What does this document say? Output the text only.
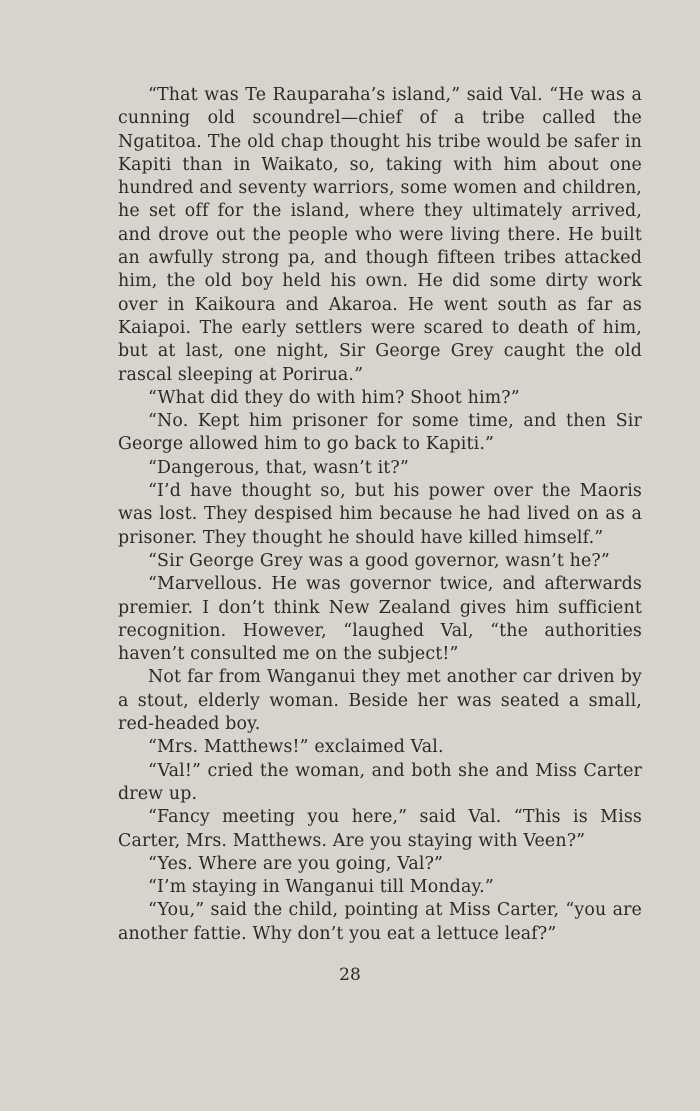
“That was Te Rauparaha’s island,” said Val. “He was a cunning old scoundrel—chief of a tribe called the Ngatitoa. The old chap thought his tribe would be safer in Kapiti than in Waikato, so, taking with him about one hundred and seventy warriors, some women and children, he set off for the island, where they ultimately arrived, and drove out the people who were living there. He built an awfully strong pa, and though fifteen tribes attacked him, the old boy held his own. He did some dirty work over in Kaikoura and Akaroa. He went south as far as Kaiapoi. The early settlers were scared to death of him, but at last, one night, Sir George Grey caught the old rascal sleeping at Porirua.”

“What did they do with him? Shoot him?”

“No. Kept him prisoner for some time, and then Sir George allowed him to go back to Kapiti.”

“Dangerous, that, wasn’t it?”

“I’d have thought so, but his power over the Maoris was lost. They despised him because he had lived on as a prisoner. They thought he should have killed himself.”

“Sir George Grey was a good governor, wasn’t he?”

“Marvellous. He was governor twice, and afterwards premier. I don’t think New Zealand gives him sufficient recognition. However, “laughed Val, “the authorities haven’t consulted me on the subject!”

Not far from Wanganui they met another car driven by a stout, elderly woman. Beside her was seated a small, red-headed boy.

“Mrs. Matthews!” exclaimed Val.

“Val!” cried the woman, and both she and Miss Carter drew up.

“Fancy meeting you here,” said Val. “This is Miss Carter, Mrs. Matthews. Are you staying with Veen?”

“Yes. Where are you going, Val?”

“I’m staying in Wanganui till Monday.”

“You,” said the child, pointing at Miss Carter, “you are another fattie. Why don’t you eat a lettuce leaf?”

28
